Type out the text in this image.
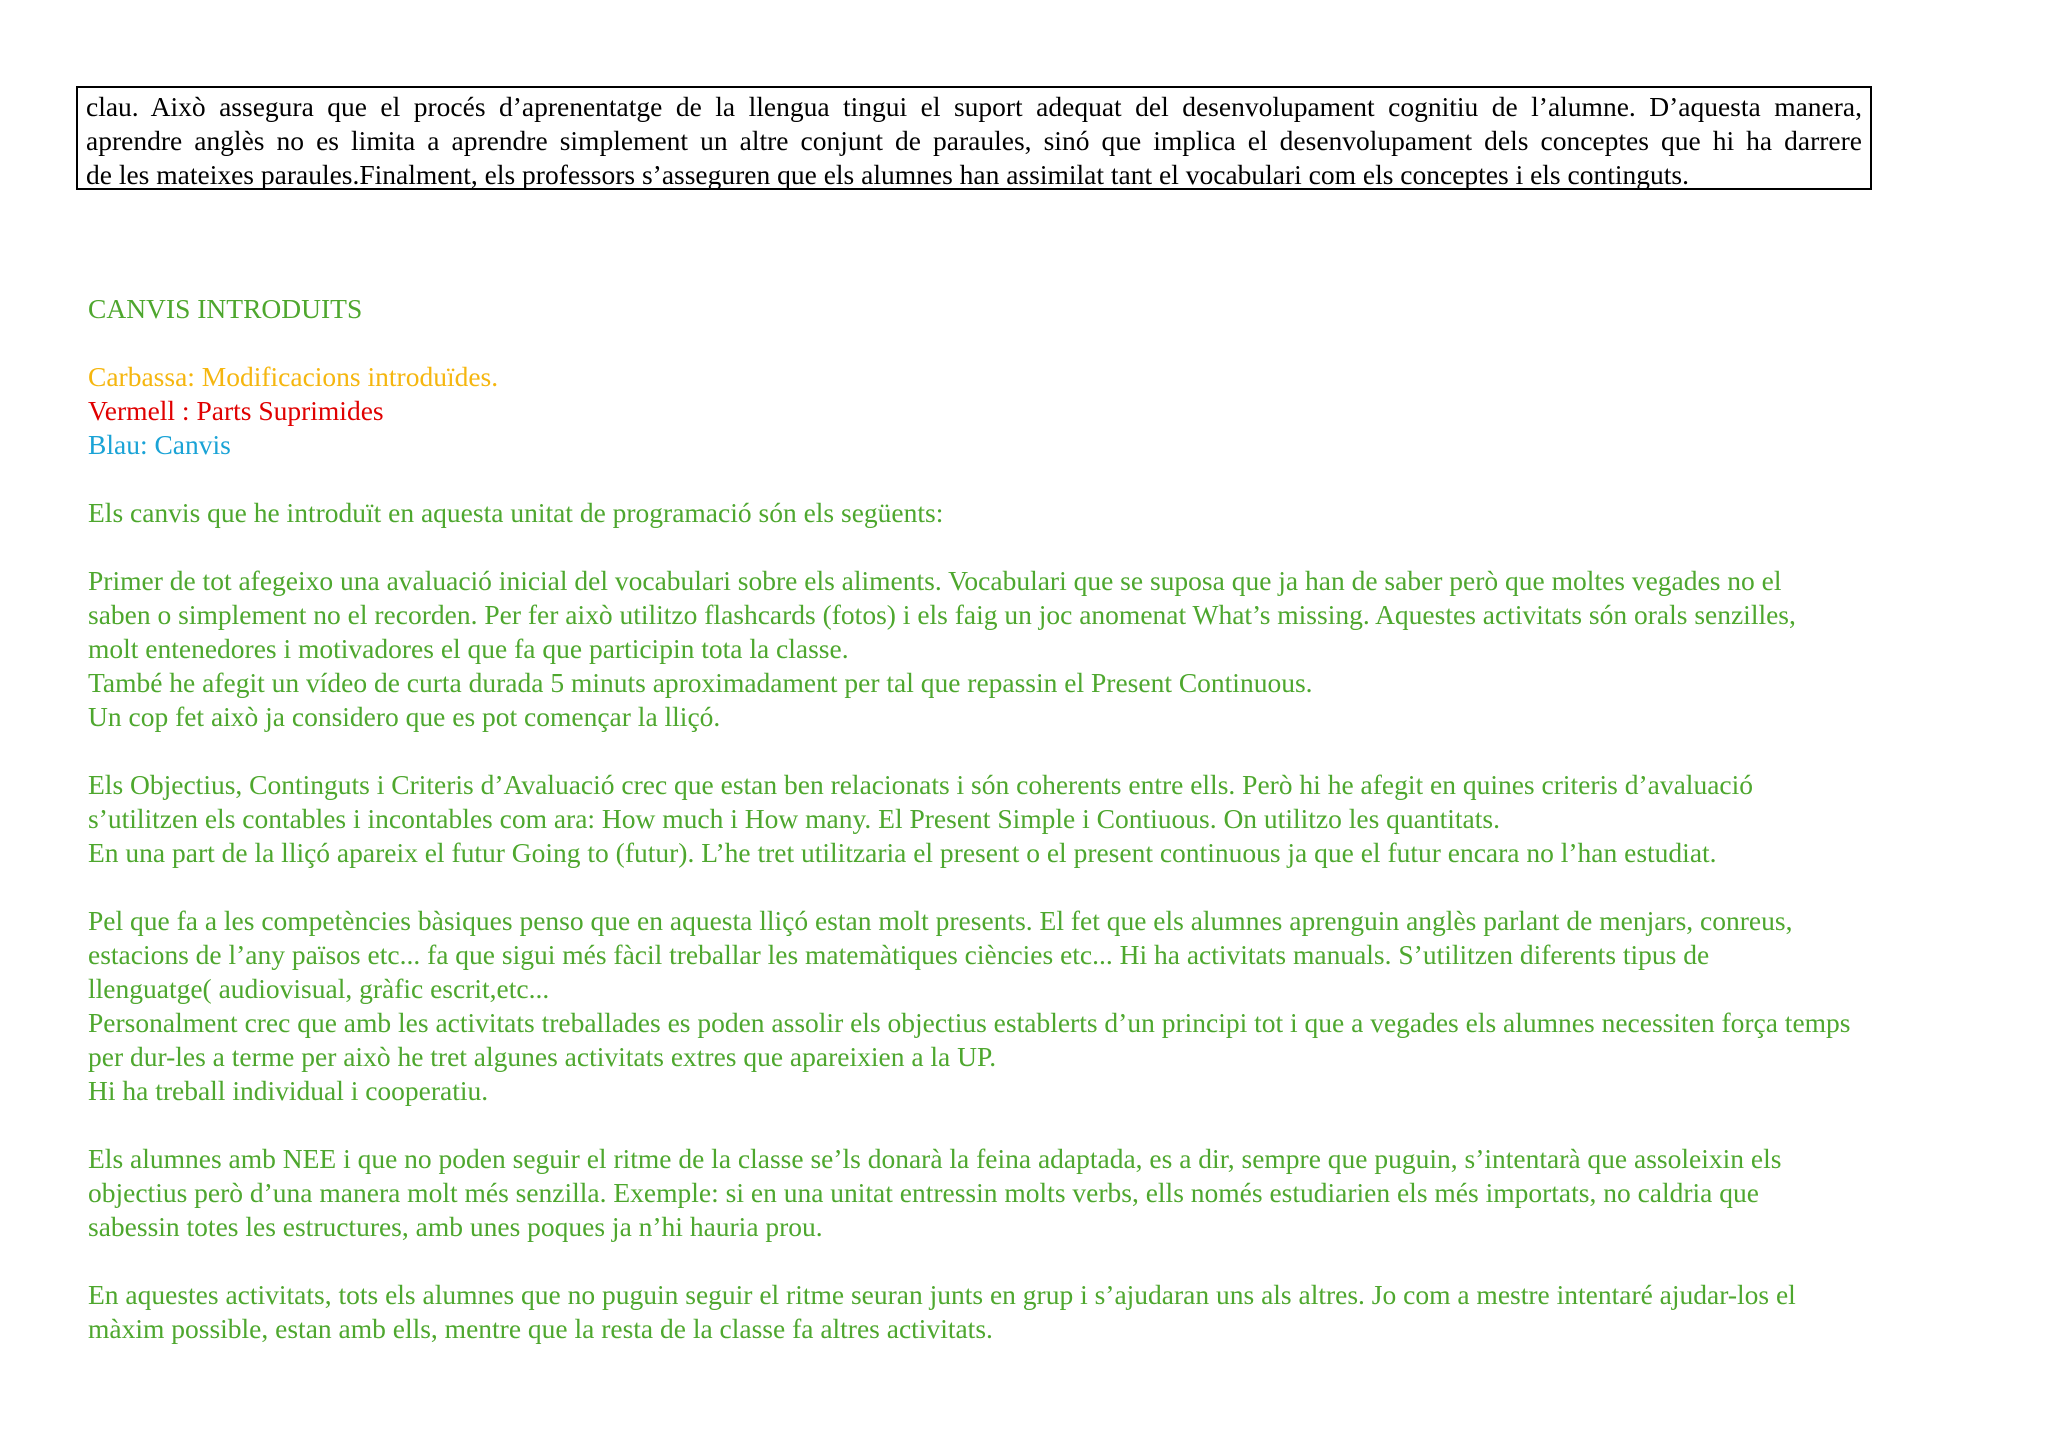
clau. Això assegura que el procés d’aprenentatge de la llengua tingui el suport adequat del desenvolupament cognitiu de l’alumne. D’aquesta manera,

aprendre anglès no es limita a aprendre simplement un altre conjunt de paraules, sinó que implica el desenvolupament dels conceptes que hi ha darrere

de les mateixes paraules.Finalment, els professors s’asseguren que els alumnes han assimilat tant el vocabulari com els conceptes i els continguts.

CANVIS INTRODUITS

Carbassa: Modificacions introduïdes.

Vermell : Parts Suprimides

Blau: Canvis

Els canvis que he introduït en aquesta unitat de programació són els següents:

Primer de tot afegeixo una avaluació inicial del vocabulari sobre els aliments. Vocabulari que se suposa que ja han de saber però que moltes vegades no el

saben o simplement no el recorden. Per fer això utilitzo flashcards (fotos) i els faig un joc anomenat What’s missing. Aquestes activitats són orals senzilles,

molt entenedores i motivadores el que fa que participin tota la classe.

També he afegit un vídeo de curta durada 5 minuts aproximadament per tal que repassin el Present Continuous.

Un cop fet això ja considero que es pot començar la lliçó.

Els Objectius, Continguts i Criteris d’Avaluació crec que estan ben relacionats i són coherents entre ells. Però hi he afegit en quines criteris d’avaluació

s’utilitzen els contables i incontables com ara: How much i How many. El Present Simple i Contiuous. On utilitzo les quantitats.

En una part de la lliçó apareix el futur Going to (futur). L’he tret utilitzaria el present o el present continuous ja que el futur encara no l’han estudiat.

Pel que fa a les competències bàsiques penso que en aquesta lliçó estan molt presents. El fet que els alumnes aprenguin anglès parlant de menjars, conreus,

estacions de l’any països etc... fa que sigui més fàcil treballar les matemàtiques ciències etc... Hi ha activitats manuals. S’utilitzen diferents tipus de

llenguatge( audiovisual, gràfic escrit,etc...

Personalment crec que amb les activitats treballades es poden assolir els objectius establerts d’un principi tot i que a vegades els alumnes necessiten força temps

per dur-les a terme per això he tret algunes activitats extres que apareixien a la UP.

Hi ha treball individual i cooperatiu.

Els alumnes amb NEE i que no poden seguir el ritme de la classe se’ls donarà la feina adaptada, es a dir, sempre que puguin, s’intentarà que assoleixin els

objectius però d’una manera molt més senzilla. Exemple: si en una unitat entressin molts verbs, ells només estudiarien els més importats, no caldria que

sabessin totes les estructures, amb unes poques ja n’hi hauria prou.

En aquestes activitats, tots els alumnes que no puguin seguir el ritme seuran junts en grup i s’ajudaran uns als altres. Jo com a mestre intentaré ajudar-los el

màxim possible, estan amb ells, mentre que la resta de la classe fa altres activitats.
